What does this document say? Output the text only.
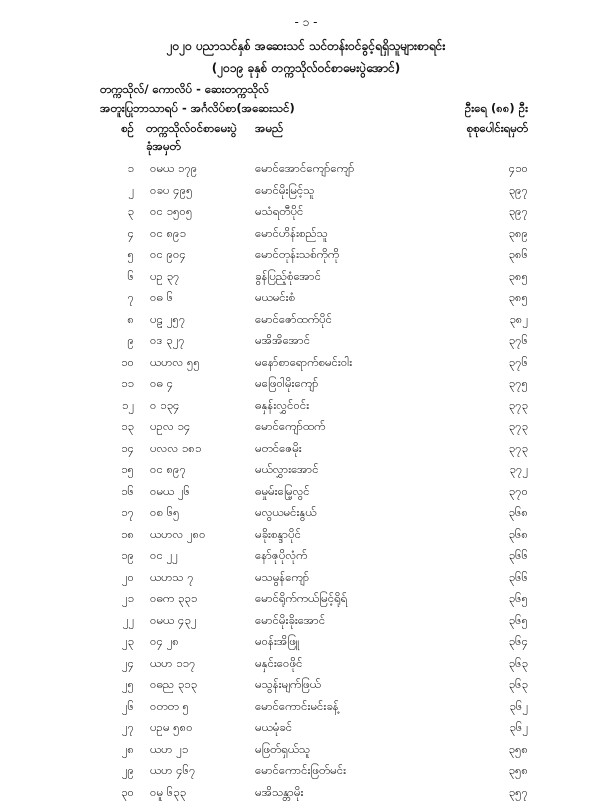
- ၁ -
၂၀၂၀ ပညာသင်နှစ် အဆေးသင် သင်တန်းဝင်ခွင့်ရရှိသူများစာရင်း
(၂၀၁၉ ခုနှစ် တက္ကသိုလ်ဝင်စာမေးပွဲအောင်)
တက္ကသိုလ်/ ကောလိပ် - ဆေးတက္ကသိုလ်
အတူးပြုဘာသာရပ် - အင်္ဂလိပ်စာ(အဆေးသင်)	ဦးရေ (၈၈) ဦး
စဉ် တက္ကသိုလ်ဝင်စာမေးပွဲ
ခုံအမှတ်
အမည်	စုစုပေါင်းရမှတ်
၁ ဝမယ ၁၇၉	မောင်အောင်ကျော်ကျော်	၄၁၀
၂ ဝခပ ၄၉၅	မောင်မိုးမြင့်သူ	၃၉၇
၃ ဝင ၁၅၀၅	မသံရတီပိုင်	၃၉၇
၄ ဝင ၈၉၁	မောင်ဟိန်းစည်သူ	၃၈၉
၅ ဝင ၉၀၄	မောင်တုန်းသစ်ကိုကို	၃၈၆
၆ ပဥ ၃၇	ခွန်ပြည့်စုံအောင်	၃၈၅
၇ ဝဓ ၆	မယမင်းစံ	၃၈၅
၈ ပဠ ၂၅၇	မောင်ဇော်ထက်ပိုင်	၃၈၂
၉ ဝဒ ၃၂၇	မအိအိအောင်	၃၇၆
၁၀ ယဟလ ၅၅	မနော်စာရောက်စမင်းဝါး	၃၇၆
၁၁ ဝဓ ၄	မဖြေဝါမိုးကျော်	၃၇၅
၁၂ ဝ ၁၃၄	ဓနှန်းလွှင်ဝင်း	၃၇၃
၁၃ ပဥလ ၁၄	မောင်ကျော်ထက်	၃၇၃
၁၄ ပလလ ၁၈၁	မတင်ဇေမိုး	၃၇၃
၁၅ ဝင ၈၉၇	မယ်လွှားအောင်	၃၇၂
၁၆ ဝမယ ၂၆	ဓမှုမ်းမြေ့လွင်	၃၇၀
၁၇ ဝစ ၆၅	မလွယမင်းနွယ်	၃၆၈
၁၈ ယဟလ ၂၈၀	မခိုးစန္ဒာပိုင်	၃၆၈
၁၉ ဝင ၂၂	နော်ဇုပိုလုံက်	၃၆၆
၂၀ ယဟသ ၇	မသမွန်ကျော်	၃၆၆
၂၁ ဝဓက ၃၃၁	မောင်ရိုက်ကယ်မြင့်ရိုရ်	၃၆၅
၂၂ ဝမယ ၄၃၂	မောင်မိုးခိုးအောင်	၃၆၅
၂၃ ဝ၄ ၂၈	မဝန်းအိဖြူ	၃၆၄
၂၄ ယဟ ၁၁၇	မနှင်းဝေဖိုင်	၃၆၃
၂၅ ဝဓည ၃၁၃	မသွန်းမျက်ဖြယ်	၃၆၃
၂၆ ဝတတ ၅	မောင်ကောင်းမင်းခန့်	၃၆၂
၂၇ ပဥမ ၅၈၀	မယမုံခင်	၃၆၂
၂၈ ယဟ ၂၁	မဖြတ်ရှယ်သူ	၃၅၈
၂၉ ယဟ ၄၆၇	မောင်ကောင်းဖြတ်မင်း	၃၅၈
၃၀ ဝမူ ၆၃၃	မအိသန္တာမိုး	၃၅၇
